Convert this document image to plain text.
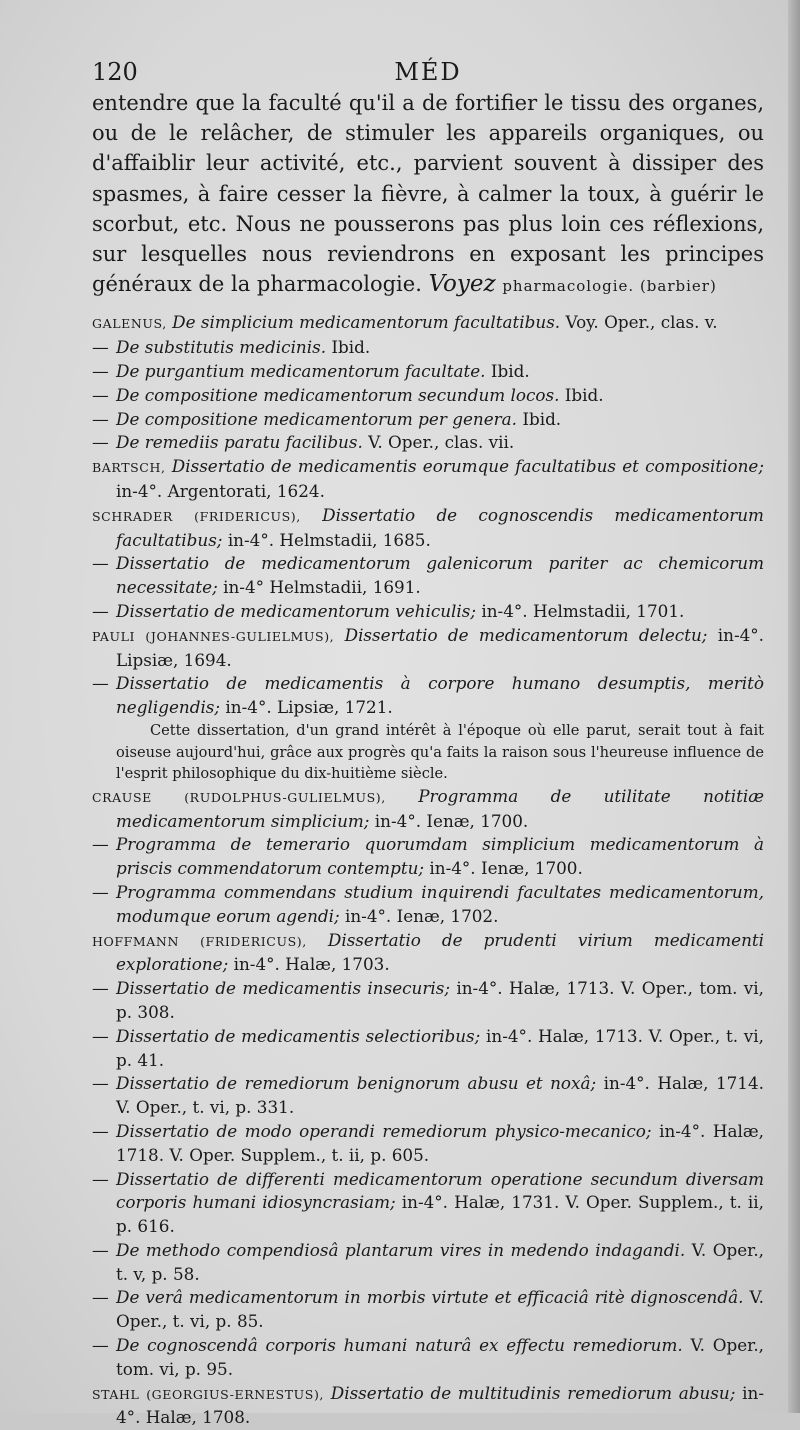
120	MÉD

entendre que la faculté qu'il a de fortifier le tissu des organes, ou de le relâcher, de stimuler les appareils organiques, ou d'affaiblir leur activité, etc., parvient souvent à dissiper des spasmes, à faire cesser la fièvre, à calmer la toux, à guérir le scorbut, etc. Nous ne pousserons pas plus loin ces réflexions, sur lesquelles nous reviendrons en exposant les principes généraux de la pharmacologie. Voyez pharmacologie. (barbier)

GALENUS, De simplicium medicamentorum facultatibus. Voy. Oper., clas. v.
— De substitutis medicinis. Ibid.
— De purgantium medicamentorum facultate. Ibid.
— De compositione medicamentorum secundum locos. Ibid.
— De compositione medicamentorum per genera. Ibid.
— De remediis paratu facilibus. V. Oper., clas. vii.
BARTSCH, Dissertatio de medicamentis eorumque facultatibus et compositione; in-4°. Argentorati, 1624.
SCHRADER (FRIDERICUS), Dissertatio de cognoscendis medicamentorum facultatibus; in-4°. Helmstadii, 1685.
— Dissertatio de medicamentorum galenicorum pariter ac chemicorum necessitate; in-4° Helmstadii, 1691.
— Dissertatio de medicamentorum vehiculis; in-4°. Helmstadii, 1701.
PAULI (JOHANNES-GULIELMUS), Dissertatio de medicamentorum delectu; in-4°. Lipsiæ, 1694.
— Dissertatio de medicamentis à corpore humano desumptis, meritò negligendis; in-4°. Lipsiæ, 1721.
Cette dissertation, d'un grand intérêt à l'époque où elle parut, serait tout à fait oiseuse aujourd'hui, grâce aux progrès qu'a faits la raison sous l'heureuse influence de l'esprit philosophique du dix-huitième siècle.
CRAUSE	(RUDOLPHUS-GULIELMUS), Programma de utilitate notitiæ medicamentorum simplicium; in-4°. Ienæ, 1700.
— Programma de temerario quorumdam simplicium medicamentorum à priscis commendatorum contemptu; in-4°. Ienæ, 1700.
— Programma commendans studium inquirendi facultates medicamentorum, modumque eorum agendi; in-4°. Ienæ, 1702.
HOFFMANN (FRIDERICUS), Dissertatio de prudenti virium medicamenti exploratione; in-4°. Halæ, 1703.
— Dissertatio de medicamentis insecuris; in-4°. Halæ, 1713. V. Oper., tom. vi, p. 308.
— Dissertatio de medicamentis selectioribus; in-4°. Halæ, 1713. V. Oper., t. vi, p. 41.
— Dissertatio de remediorum benignorum abusu et noxâ; in-4°. Halæ, 1714. V. Oper., t. vi, p. 331.
— Dissertatio de modo operandi remediorum physico-mecanico; in-4°. Halæ, 1718. V. Oper. Supplem., t. ii, p. 605.
— Dissertatio de differenti medicamentorum operatione secundum diversam corporis humani idiosyncrasiam; in-4°. Halæ, 1731. V. Oper. Supplem., t. ii, p. 616.
— De methodo compendiosâ plantarum vires in medendo indagandi. V. Oper., t. v, p. 58.
— De verâ medicamentorum in morbis virtute et efficaciâ ritè dignoscendâ. V. Oper., t. vi, p. 85.
— De cognoscendâ corporis humani naturâ ex effectu remediorum. V. Oper., tom. vi, p. 95.
STAHL (GEORGIUS-ERNESTUS), Dissertatio de multitudinis remediorum abusu; in-4°. Halæ, 1708.
